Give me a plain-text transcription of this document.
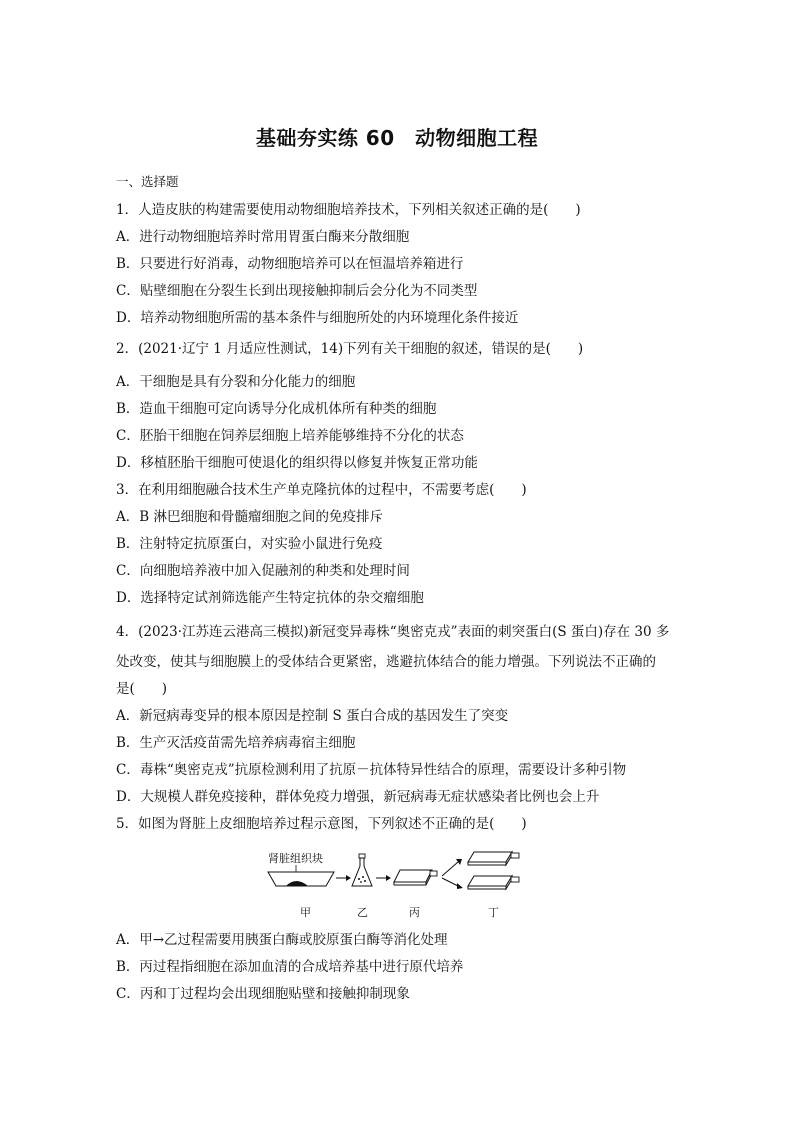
基础夯实练 60　动物细胞工程
一、选择题
1．人造皮肤的构建需要使用动物细胞培养技术，下列相关叙述正确的是(　　)
A．进行动物细胞培养时常用胃蛋白酶来分散细胞
B．只要进行好消毒，动物细胞培养可以在恒温培养箱进行
C．贴壁细胞在分裂生长到出现接触抑制后会分化为不同类型
D．培养动物细胞所需的基本条件与细胞所处的内环境理化条件接近
2．(2021·辽宁 1 月适应性测试，14)下列有关干细胞的叙述，错误的是(　　)
A．干细胞是具有分裂和分化能力的细胞
B．造血干细胞可定向诱导分化成机体所有种类的细胞
C．胚胎干细胞在饲养层细胞上培养能够维持不分化的状态
D．移植胚胎干细胞可使退化的组织得以修复并恢复正常功能
3．在利用细胞融合技术生产单克隆抗体的过程中，不需要考虑(　　)
A．B 淋巴细胞和骨髓瘤细胞之间的免疫排斥
B．注射特定抗原蛋白，对实验小鼠进行免疫
C．向细胞培养液中加入促融剂的种类和处理时间
D．选择特定试剂筛选能产生特定抗体的杂交瘤细胞
4．(2023·江苏连云港高三模拟)新冠变异毒株“奥密克戎”表面的刺突蛋白(S 蛋白)存在 30 多
处改变，使其与细胞膜上的受体结合更紧密，逃避抗体结合的能力增强。下列说法不正确的
是(　　)
A．新冠病毒变异的根本原因是控制 S 蛋白合成的基因发生了突变
B．生产灭活疫苗需先培养病毒宿主细胞
C．毒株“奥密克戎”抗原检测利用了抗原－抗体特异性结合的原理，需要设计多种引物
D．大规模人群免疫接种，群体免疫力增强，新冠病毒无症状感染者比例也会上升
5．如图为肾脏上皮细胞培养过程示意图，下列叙述不正确的是(　　)
肾脏组织块
甲	乙	丙	丁
A．甲→乙过程需要用胰蛋白酶或胶原蛋白酶等消化处理
B．丙过程指细胞在添加血清的合成培养基中进行原代培养
C．丙和丁过程均会出现细胞贴壁和接触抑制现象
